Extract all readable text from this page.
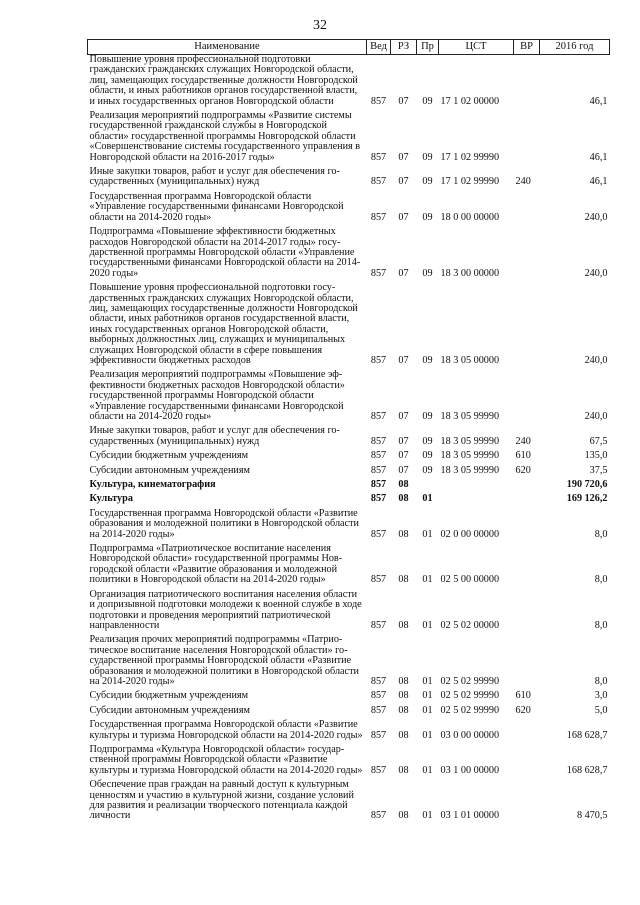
32
Наименование	Вед	РЗ	Пр	ЦСТ	ВР	2016 год
Повышение уровня профессиональной подготовки гражданских гражданских служащих Новгородской области, лиц, замещающих государственные должности Новгородской области, и иных работников органов государственной власти, и иных государственных органов Новгородской области	857	07	09	17 1 02 00000		46,1
Реализация мероприятий подпрограммы «Развитие системы государственной гражданской службы в Новгородской области» государственной программы Новгородской области «Совершенствование системы государственного управления в Новгородской области на 2016-2017 годы»	857	07	09	17 1 02 99990		46,1
Иные закупки товаров, работ и услуг для обеспечения государственных (муниципальных) нужд	857	07	09	17 1 02 99990	240	46,1
Государственная программа Новгородской области «Управление государственными финансами Новгородской области на 2014-2020 годы»	857	07	09	18 0 00 00000		240,0
Подпрограмма «Повышение эффективности бюджетных расходов Новгородской области на 2014-2017 годы» государственной программы Новгородской области «Управление государственными финансами Новгородской области на 2014-2020 годы»	857	07	09	18 3 00 00000		240,0
Повышение уровня профессиональной подготовки государственных гражданских служащих Новгородской области, лиц, замещающих государственные должности Новгородской области, иных работников органов государственной власти, иных государственных органов Новгородской области, выборных должностных лиц, служащих и муниципальных служащих Новгородской области в сфере повышения эффективности бюджетных расходов	857	07	09	18 3 05 00000		240,0
Реализация мероприятий подпрограммы «Повышение эффективности бюджетных расходов Новгородской области» государственной программы Новгородской области «Управление государственными финансами Новгородской области на 2014-2020 годы»	857	07	09	18 3 05 99990		240,0
Иные закупки товаров, работ и услуг для обеспечения государственных (муниципальных) нужд	857	07	09	18 3 05 99990	240	67,5
Субсидии бюджетным учреждениям	857	07	09	18 3 05 99990	610	135,0
Субсидии автономным учреждениям	857	07	09	18 3 05 99990	620	37,5
Культура, кинематография	857	08				190 720,6
Культура	857	08	01			169 126,2
Государственная программа Новгородской области «Развитие образования и молодежной политики в Новгородской области на 2014-2020 годы»	857	08	01	02 0 00 00000		8,0
Подпрограмма «Патриотическое воспитание населения Новгородской области» государственной программы Новгородской области «Развитие образования и молодежной политики в Новгородской области на 2014-2020 годы»	857	08	01	02 5 00 00000		8,0
Организация патриотического воспитания населения области и допризывной подготовки молодежи к военной службе в ходе подготовки и проведения мероприятий патриотической направленности	857	08	01	02 5 02 00000		8,0
Реализация прочих мероприятий подпрограммы «Патриотическое воспитание населения Новгородской области» государственной программы Новгородской области «Развитие образования и молодежной политики в Новгородской области на 2014-2020 годы»	857	08	01	02 5 02 99990		8,0
Субсидии бюджетным учреждениям	857	08	01	02 5 02 99990	610	3,0
Субсидии автономным учреждениям	857	08	01	02 5 02 99990	620	5,0
Государственная программа Новгородской области «Развитие культуры и туризма Новгородской области на 2014-2020 годы»	857	08	01	03 0 00 00000		168 628,7
Подпрограмма «Культура Новгородской области» государственной программы Новгородской области «Развитие культуры и туризма Новгородской области на 2014-2020 годы»	857	08	01	03 1 00 00000		168 628,7
Обеспечение прав граждан на равный доступ к культурным ценностям и участию в культурной жизни, создание условий для развития и реализации творческого потенциала каждой личности	857	08	01	03 1 01 00000		8 470,5
